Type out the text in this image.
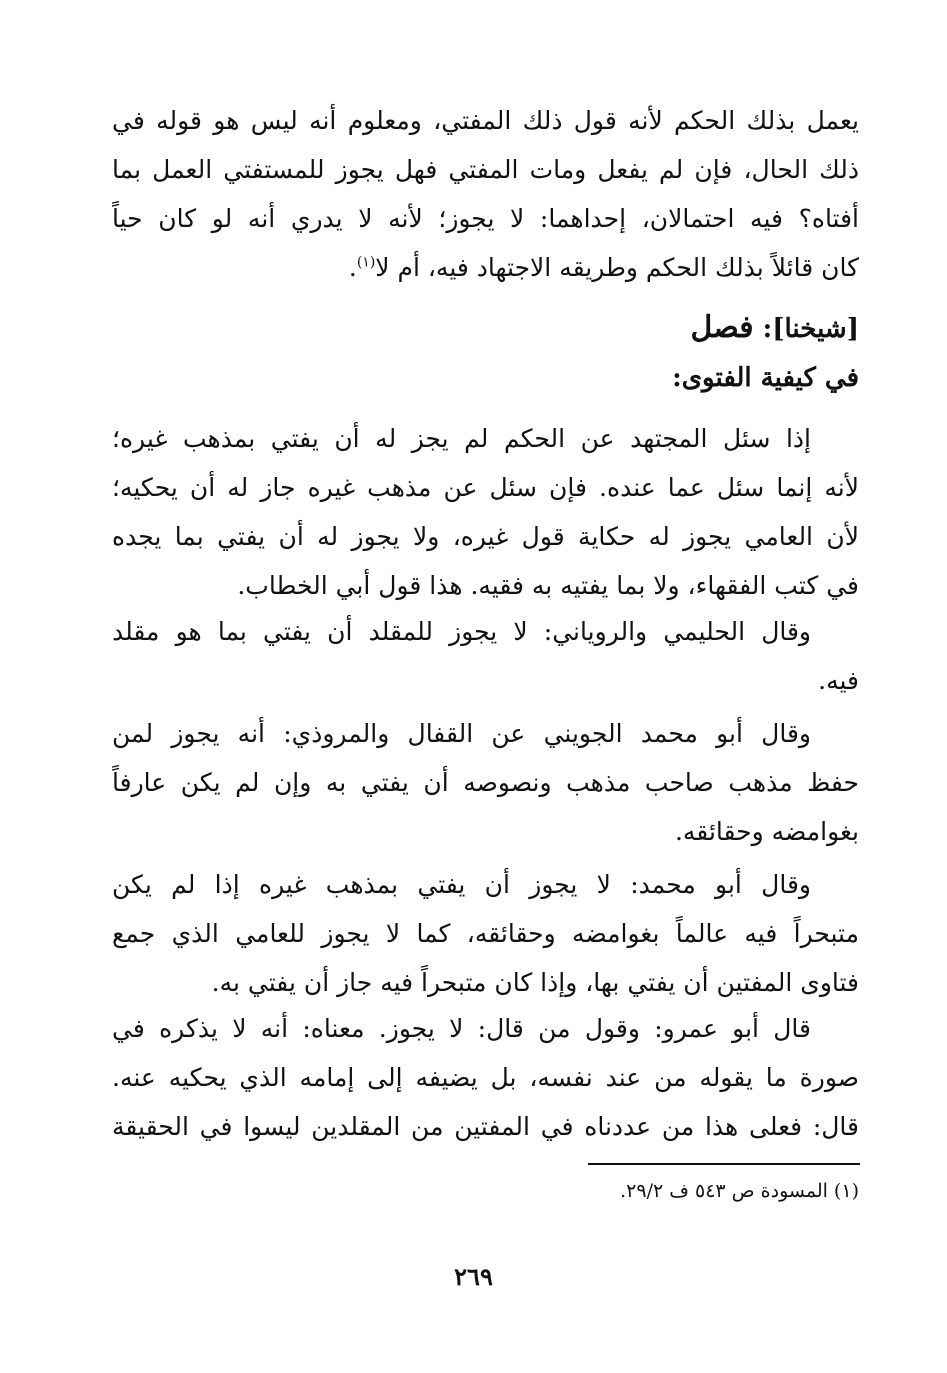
يعمل بذلك الحكم لأنه قول ذلك المفتي، ومعلوم أنه ليس هو قوله في
ذلك الحال، فإن لم يفعل ومات المفتي فهل يجوز للمستفتي العمل بما
أفتاه؟ فيه احتمالان، إحداهما: لا يجوز؛ لأنه لا يدري أنه لو كان حياً
كان قائلاً بذلك الحكم وطريقه الاجتهاد فيه، أم لا$^{(١)}$.
[شيخنا]: فصل
في كيفية الفتوى:
إذا سئل المجتهد عن الحكم لم يجز له أن يفتي بمذهب غيره؛
لأنه إنما سئل عما عنده. فإن سئل عن مذهب غيره جاز له أن يحكيه؛
لأن العامي يجوز له حكاية قول غيره، ولا يجوز له أن يفتي بما يجده
في كتب الفقهاء، ولا بما يفتيه به فقيه. هذا قول أبي الخطاب.
وقال الحليمي والروياني: لا يجوز للمقلد أن يفتي بما هو مقلد
فيه.
وقال أبو محمد الجويني عن القفال والمروذي: أنه يجوز لمن
حفظ مذهب صاحب مذهب ونصوصه أن يفتي به وإن لم يكن عارفاً
بغوامضه وحقائقه.
وقال أبو محمد: لا يجوز أن يفتي بمذهب غيره إذا لم يكن
متبحراً فيه عالماً بغوامضه وحقائقه، كما لا يجوز للعامي الذي جمع
فتاوى المفتين أن يفتي بها، وإذا كان متبحراً فيه جاز أن يفتي به.
قال أبو عمرو: وقول من قال: لا يجوز. معناه: أنه لا يذكره في
صورة ما يقوله من عند نفسه، بل يضيفه إلى إمامه الذي يحكيه عنه.
قال: فعلى هذا من عددناه في المفتين من المقلدين ليسوا في الحقيقة
(١) المسودة ص ٥٤٣ ف ٢٩/٢.
٢٦٩
